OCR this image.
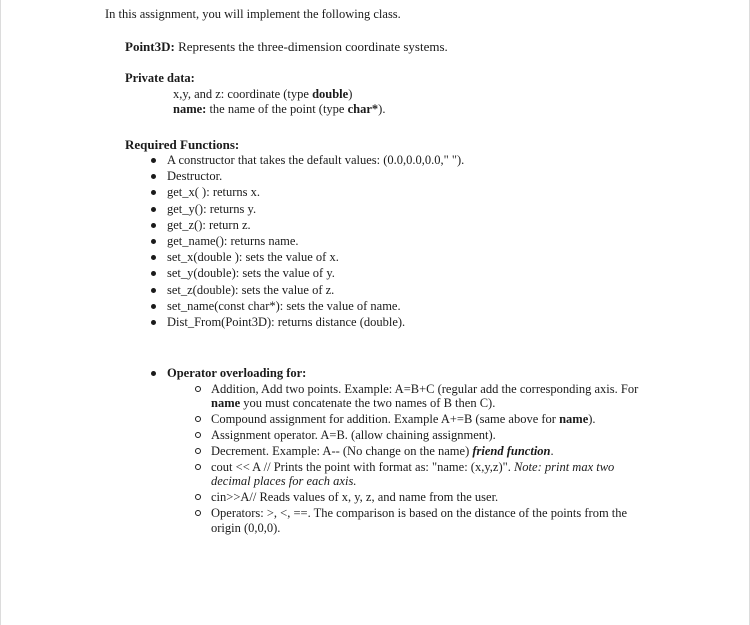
In this assignment, you will implement the following class.
Point3D: Represents the three-dimension coordinate systems.
Private data:
x,y, and z: coordinate (type double)
name: the name of the point (type char*).
Required Functions:
A constructor that takes the default values: (0.0,0.0,0.0," ").
Destructor.
get_x( ): returns x.
get_y(): returns y.
get_z(): return z.
get_name(): returns name.
set_x(double ): sets the value of x.
set_y(double): sets the value of y.
set_z(double): sets the value of z.
set_name(const char*): sets the value of name.
Dist_From(Point3D): returns distance (double).
Operator overloading for:
Addition, Add two points. Example: A=B+C (regular add the corresponding axis. For name you must concatenate the two names of B then C).
Compound assignment for addition. Example A+=B (same above for name).
Assignment operator. A=B. (allow chaining assignment).
Decrement. Example: A-- (No change on the name) friend function.
cout << A // Prints the point with format as: "name: (x,y,z)". Note: print max two decimal places for each axis.
cin>>A// Reads values of x, y, z, and name from the user.
Operators: >, <, ==. The comparison is based on the distance of the points from the origin (0,0,0).
